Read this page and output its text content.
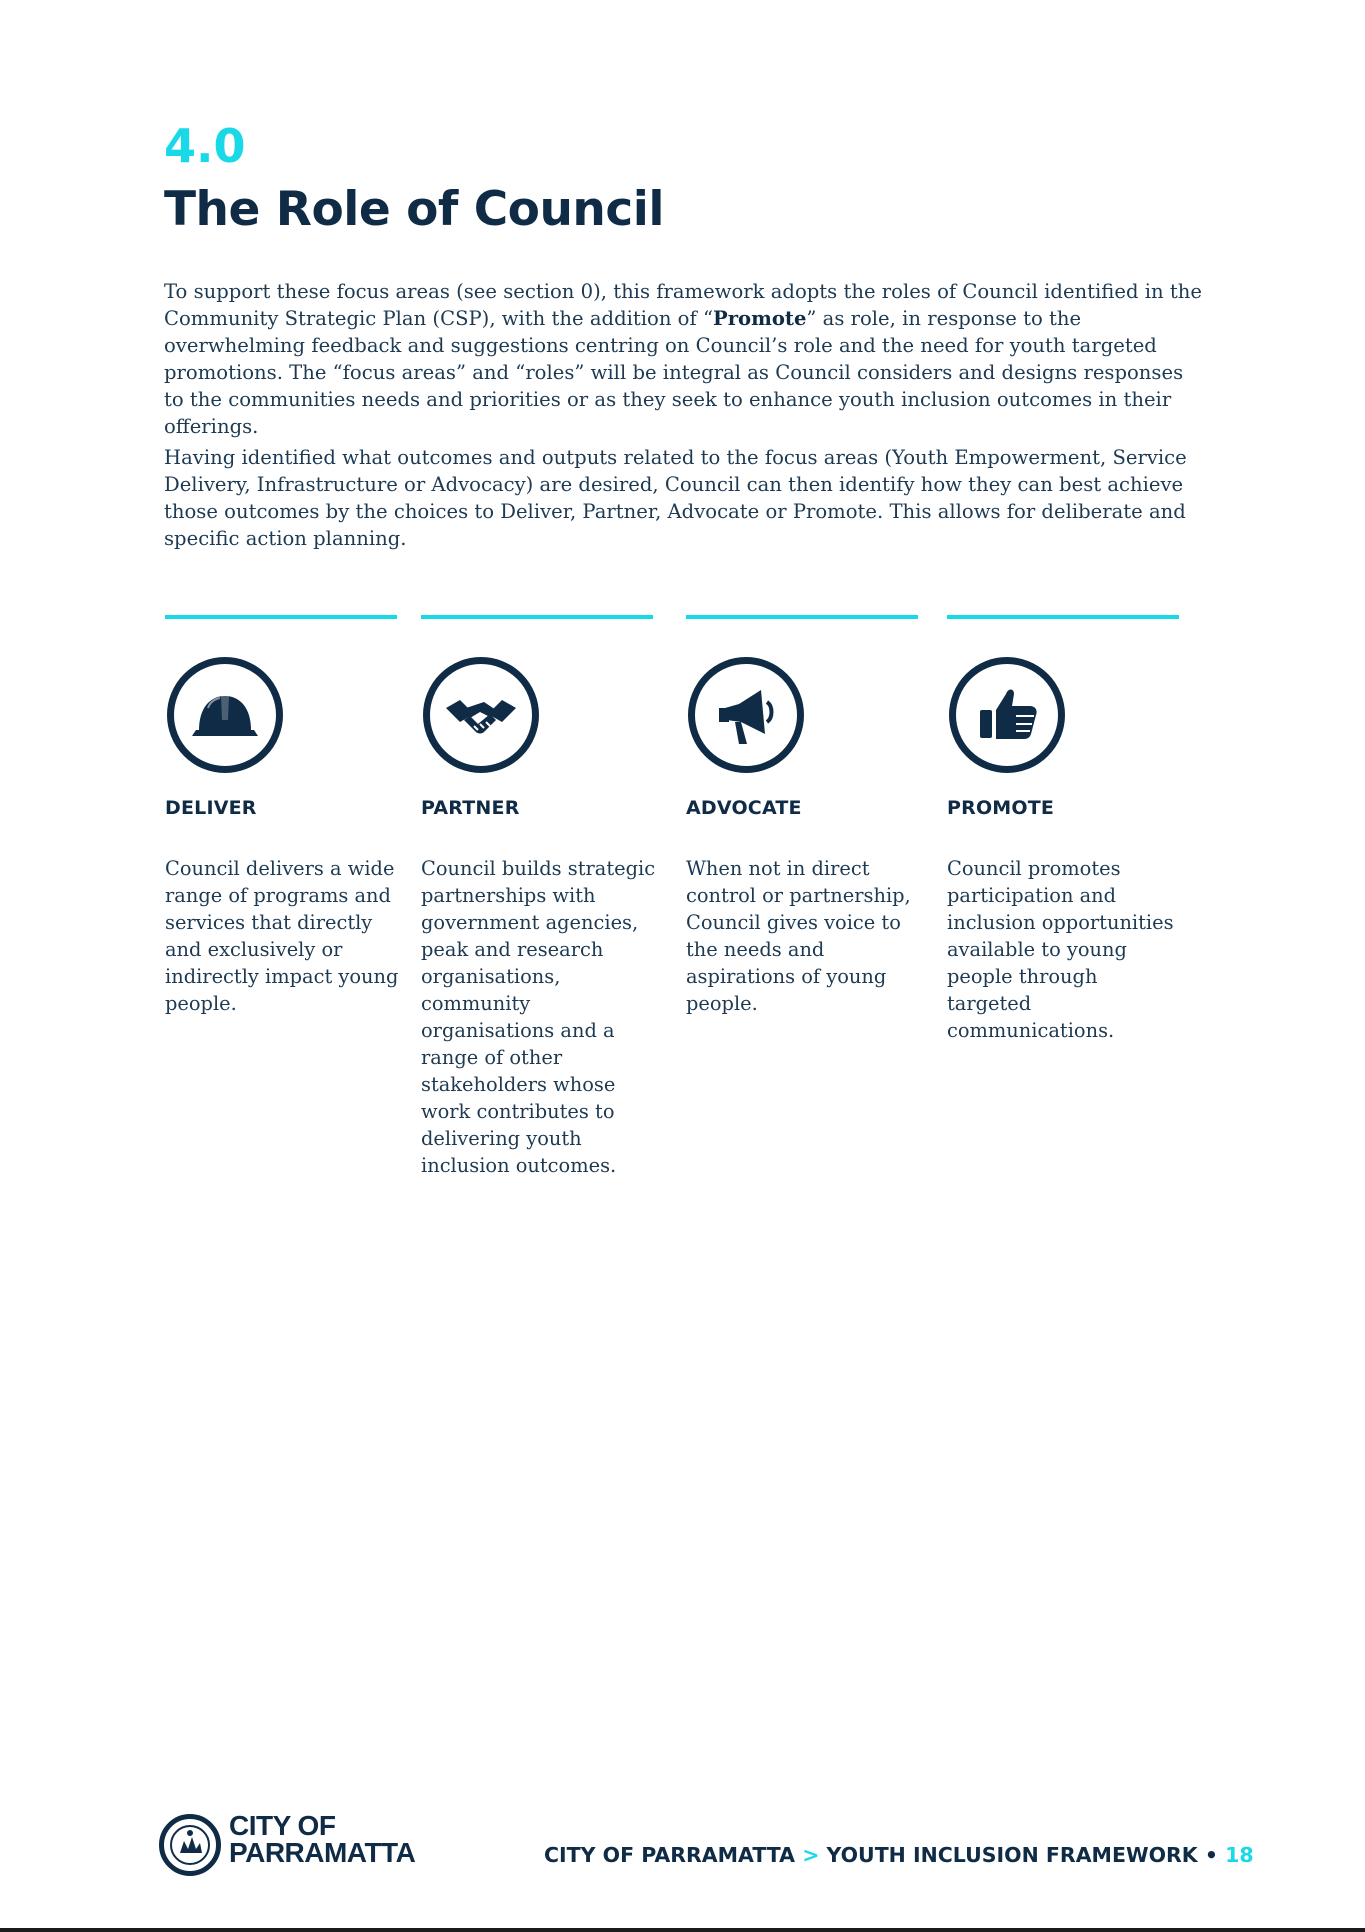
4.0
The Role of Council
To support these focus areas (see section 0), this framework adopts the roles of Council identified in the Community Strategic Plan (CSP), with the addition of “Promote” as role, in response to the overwhelming feedback and suggestions centring on Council’s role and the need for youth targeted promotions. The “focus areas” and “roles” will be integral as Council considers and designs responses to the communities needs and priorities or as they seek to enhance youth inclusion outcomes in their offerings.
Having identified what outcomes and outputs related to the focus areas (Youth Empowerment, Service Delivery, Infrastructure or Advocacy) are desired, Council can then identify how they can best achieve those outcomes by the choices to Deliver, Partner, Advocate or Promote. This allows for deliberate and specific action planning.
DELIVER
Council delivers a wide range of programs and services that directly and exclusively or indirectly impact young people.
PARTNER
Council builds strategic partnerships with government agencies, peak and research organisations, community organisations and a range of other stakeholders whose work contributes to delivering youth inclusion outcomes.
ADVOCATE
When not in direct control or partnership, Council gives voice to the needs and aspirations of young people.
PROMOTE
Council promotes participation and inclusion opportunities available to young people through targeted communications.
CITY OF
PARRAMATTA	CITY OF PARRAMATTA > YOUTH INCLUSION FRAMEWORK • 18
